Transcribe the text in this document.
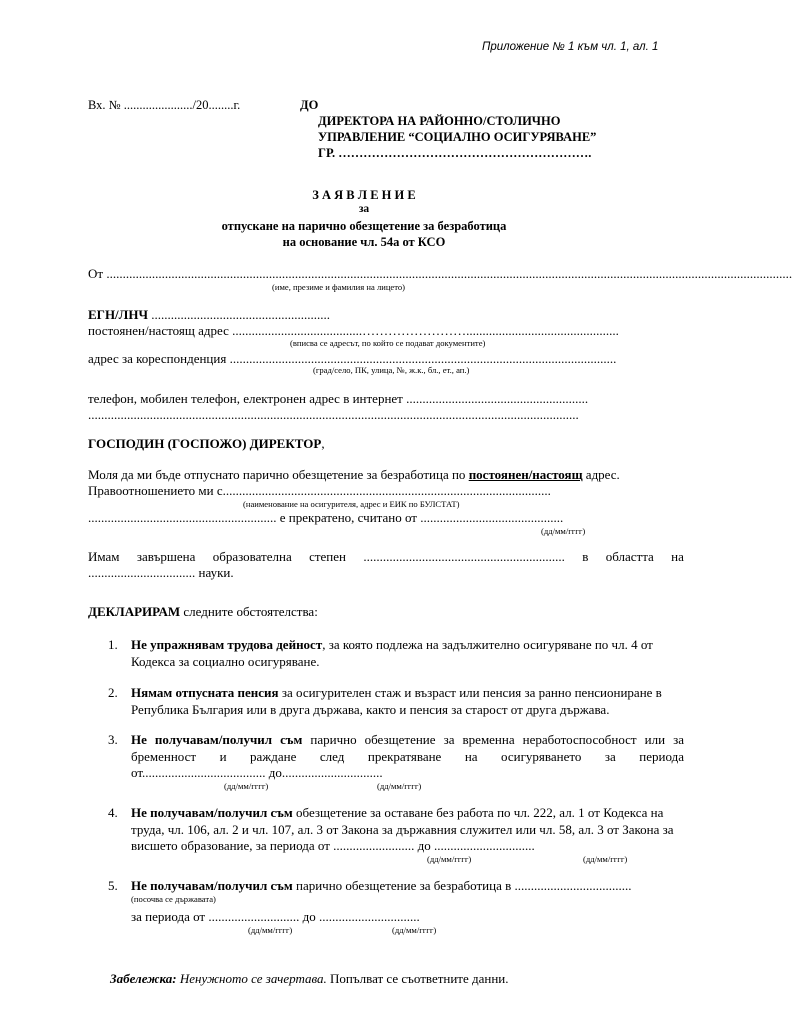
Приложение № 1 към чл. 1, ал. 1
Вх. № ....................../20........г.	ДО
ДИРЕКТОРА НА РАЙОННО/СТОЛИЧНО
УПРАВЛЕНИЕ “СОЦИАЛНО ОСИГУРЯВАНЕ”
ГР. …………………………………………………….
З А Я В Л Е Н И Е
за
отпускане на парично обезщетение за безработица
на основание чл. 54а от КСО
От ...................................................................................................................................................................................................................
(име, презиме и фамилия на лицето)
ЕГН/ЛНЧ .......................................................
постоянен/настоящ адрес ........................................……………………...............................................
(вписва се адресът, по който се подават документите)
адрес за кореспонденция .......................................................................................................................
(град/село, ПК, улица, №, ж.к., бл., ет., ап.)
телефон, мобилен телефон, електронен адрес в интернет ........................................................
.......................................................................................................................................................
ГОСПОДИН (ГОСПОЖО) ДИРЕКТОР,
Моля да ми бъде отпуснато парично обезщетение за безработица по постоянен/настоящ адрес.
Правоотношението ми с.....................................................................................................
(наименование на осигурителя, адрес и ЕИК по БУЛСТАТ)
.......................................................... е прекратено, считано от ............................................
(дд/мм/гггг)
Имам завършена образователна степен .............................................................. в областта на
................................. науки.
ДЕКЛАРИРАМ следните обстоятелства:
1. Не упражнявам трудова дейност, за която подлежа на задължително осигуряване по чл. 4 от Кодекса за социално осигуряване.
2. Нямам отпусната пенсия за осигурителен стаж и възраст или пенсия за ранно пенсиониране в Република България или в друга държава, както и пенсия за старост от друга държава.
3. Не получавам/получил съм парично обезщетение за временна неработоспособност или за бременност и раждане след прекратяване на осигуряването за периода
от...................................... до...............................
(дд/мм/гггг)	(дд/мм/гггг)
4. Не получавам/получил съм обезщетение за оставане без работа по чл. 222, ал. 1 от Кодекса на труда, чл. 106, ал. 2 и чл. 107, ал. 3 от Закона за държавния служител или чл. 58, ал. 3 от Закона за висшето образование, за периода от ......................... до ...............................
(дд/мм/гггг)	(дд/мм/гггг)
5. Не получавам/получил съм парично обезщетение за безработица в ....................................
(посочва се държавата)
за периода от ............................ до ...............................
(дд/мм/гггг)	(дд/мм/гггг)
Забележка: Ненужното се зачертава. Попълват се съответните данни.
